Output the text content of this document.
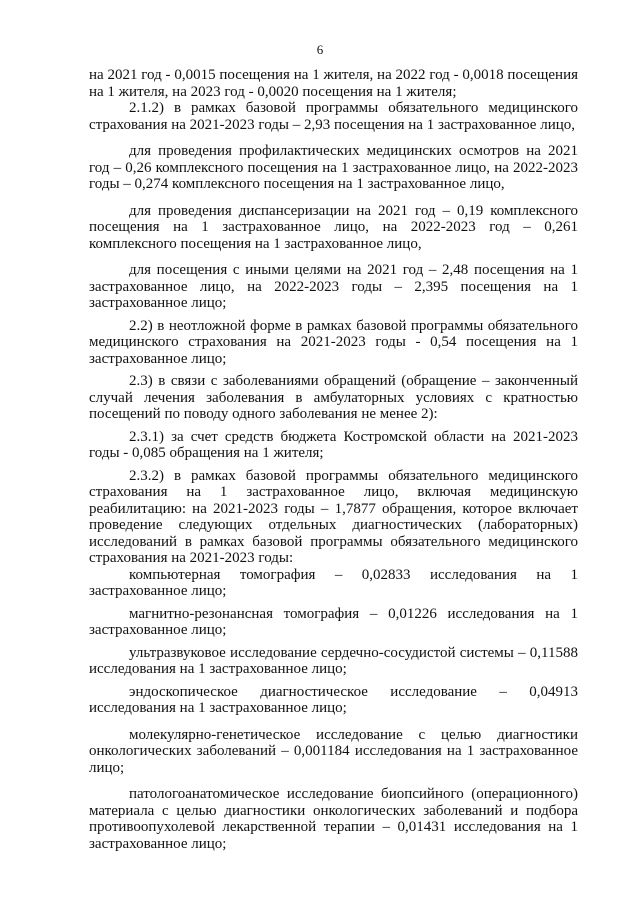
6

на 2021 год - 0,0015 посещения на 1 жителя, на 2022 год - 0,0018 посещения на 1 жителя, на 2023 год - 0,0020 посещения на 1 жителя;

2.1.2) в рамках базовой программы обязательного медицинского страхования на 2021-2023 годы – 2,93 посещения на 1 застрахованное лицо,

для проведения профилактических медицинских осмотров на 2021 год – 0,26 комплексного посещения на 1 застрахованное лицо, на 2022-2023 годы – 0,274 комплексного посещения на 1 застрахованное лицо,

для проведения диспансеризации на 2021 год – 0,19 комплексного посещения на 1 застрахованное лицо, на 2022-2023 год – 0,261 комплексного посещения на 1 застрахованное лицо,

для посещения с иными целями на 2021 год – 2,48 посещения на 1 застрахованное лицо, на 2022-2023 годы – 2,395 посещения на 1 застрахованное лицо;

2.2) в неотложной форме в рамках базовой программы обязательного медицинского страхования на 2021-2023 годы - 0,54 посещения на 1 застрахованное лицо;

2.3) в связи с заболеваниями обращений (обращение – законченный случай лечения заболевания в амбулаторных условиях с кратностью посещений по поводу одного заболевания не менее 2):

2.3.1) за счет средств бюджета Костромской области на 2021-2023 годы - 0,085 обращения на 1 жителя;

2.3.2) в рамках базовой программы обязательного медицинского страхования на 1 застрахованное лицо, включая медицинскую реабилитацию: на 2021-2023 годы – 1,7877 обращения, которое включает проведение следующих отдельных диагностических (лабораторных) исследований в рамках базовой программы обязательного медицинского страхования на 2021-2023 годы:

компьютерная томография – 0,02833 исследования на 1 застрахованное лицо;

магнитно-резонансная томография – 0,01226 исследования на 1 застрахованное лицо;

ультразвуковое исследование сердечно-сосудистой системы – 0,11588 исследования на 1 застрахованное лицо;

эндоскопическое диагностическое исследование – 0,04913 исследования на 1 застрахованное лицо;

молекулярно-генетическое исследование с целью диагностики онкологических заболеваний – 0,001184 исследования на 1 застрахованное лицо;

патологоанатомическое исследование биопсийного (операционного) материала с целью диагностики онкологических заболеваний и подбора противоопухолевой лекарственной терапии – 0,01431 исследования на 1 застрахованное лицо;
